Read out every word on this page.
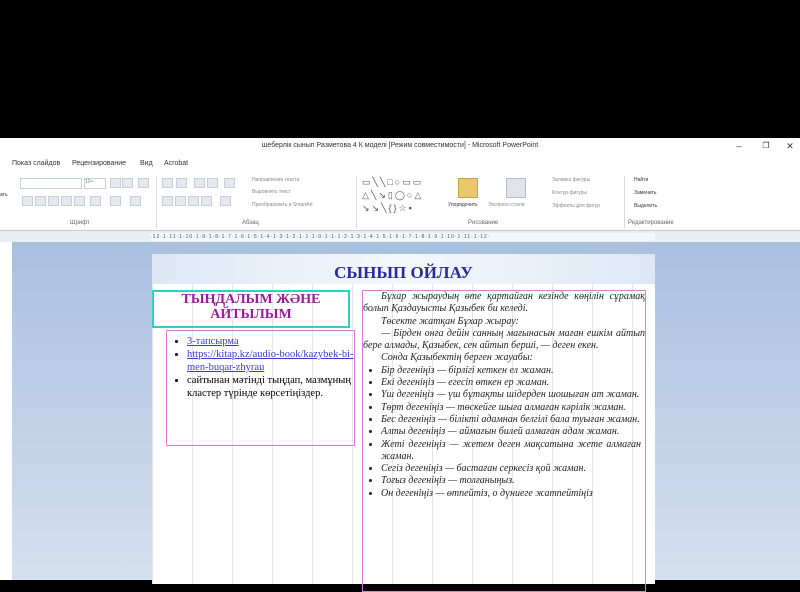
шеберлік сынып Разметова 4 К моделі [Режим совместимости] - Microsoft PowerPoint	–	❐	✕
Показ слайдов Рецензирование Вид Acrobat
ать
10+
Шрифт
Направление текста
Выровнять текст
Преобразовать в SmartArt
Абзац
▭╲╲□○▭▭
△╲↘▯◯○△
↘↘╲{}☆▪	Упорядочить Экспресс-стили
Заливка фигуры
Контур фигуры
Эффекты для фигур
Рисование
Найти
Заменить
Выделить
Редактирование
·12·1·11·1·10·1·9·1·8·1·7·1·6·1·5·1·4·1·3·1·2·1·1·1·0·1·1·1·2·1·3·1·4·1·5·1·6·1·7·1·8·1·9·1·10·1·11·1·12·
СЫНЫП ОЙЛАУ
ТЫҢДАЛЫМ ЖӘНЕ АЙТЫЛЫМ
• 3-тапсырма
• https://kitap.kz/audio-book/kazybek-bi-men-buqar-zhyrau
• сайтынан мәтінді тыңдап, мазмұның кластер түрінде көрсетіңіздер.

Бұхар жыраудың өте қартайған кезінде көңілін сұрамақ болып Қаздауысты Қазыбек би келеді.

Төсекте жатқан Бұхар жырау:

— Бірден онға дейін санның мағынасын маған ешкім айтып бере алмады, Қазыбек, сен айтып берші, — деген екен.

Сонда Қазыбектің берген жауабы:

• Бір дегеніңіз — бірлігі кеткен ел жаман.
• Екі дегеніңіз — егесіп өткен ер жаман.
• Үш дегеніңіз — үш бұтақты шідерден шошыған ат жаман.
• Төрт дегеніңіз — төскейге шыға алмаған кәрілік жаман.
• Бес дегеніңіз — білікті адамнан белгілі бала туыған жаман.
• Алты дегеніңіз — аймағын билей алмаған адам жаман.
• Жеті дегеніңіз — жетем деген мақсатына жете алмаған жаман.
• Сегіз дегеніңіз — бастаған серкесіз қой жаман.
• Тоғыз дегеніңіз — толғаныңыз.
• Он дегеніңіз — өтпейтіз, о дүниеге жатпейтіңіз
